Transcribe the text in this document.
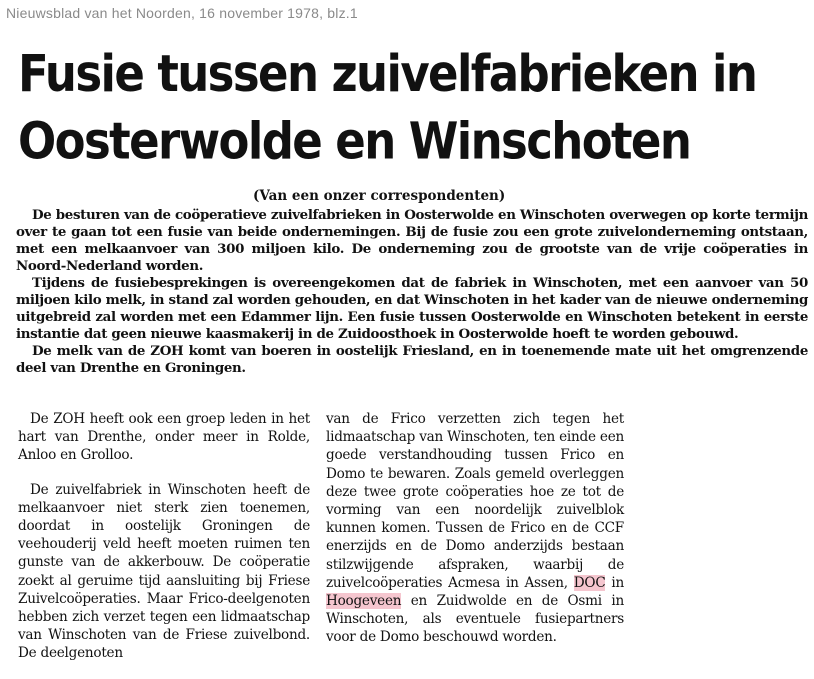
Nieuwsblad van het Noorden, 16 november 1978, blz.1
Fusie tussen zuivelfabrieken in
Oosterwolde en Winschoten
(Van een onzer correspondenten)

De besturen van de coöperatieve zuivelfabrieken in Oosterwolde en Winschoten overwegen op korte termijn over te gaan tot een fusie van beide ondernemingen. Bij de fusie zou een grote zuivelonderneming ontstaan, met een melkaanvoer van 300 miljoen kilo. De onderneming zou de grootste van de vrije coöperaties in Noord-Nederland worden.

Tijdens de fusiebesprekingen is overeengekomen dat de fabriek in Winschoten, met een aanvoer van 50 miljoen kilo melk, in stand zal worden gehouden, en dat Winschoten in het kader van de nieuwe onderneming uitgebreid zal worden met een Edammer lijn. Een fusie tussen Oosterwolde en Winschoten betekent in eerste instantie dat geen nieuwe kaasmakerij in de Zuidoosthoek in Oosterwolde hoeft te worden gebouwd.

De melk van de ZOH komt van boeren in oostelijk Friesland, en in toenemende mate uit het omgrenzende deel van Drenthe en Groningen.

De ZOH heeft ook een groep leden in het hart van Drenthe, onder meer in Rolde, Anloo en Grolloo.

De zuivelfabriek in Winschoten heeft de melkaanvoer niet sterk zien toenemen, doordat in oostelijk Groningen de veehouderij veld heeft moeten ruimen ten gunste van de akkerbouw. De coöperatie zoekt al geruime tijd aansluiting bij Friese Zuivelcoöperaties. Maar Frico-deelgenoten hebben zich verzet tegen een lidmaatschap van Winschoten van de Friese zuivelbond. De deelgenoten

van de Frico verzetten zich tegen het lidmaatschap van Winschoten, ten einde een goede verstandhouding tussen Frico en Domo te bewaren. Zoals gemeld overleggen deze twee grote coöperaties hoe ze tot de vorming van een noordelijk zuivelblok kunnen komen. Tussen de Frico en de CCF enerzijds en de Domo anderzijds bestaan stilzwijgende afspraken, waarbij de zuivelcoöperaties Acmesa in Assen, DOC in Hoogeveen en Zuidwolde en de Osmi in Winschoten, als eventuele fusiepartners voor de Domo beschouwd worden.
